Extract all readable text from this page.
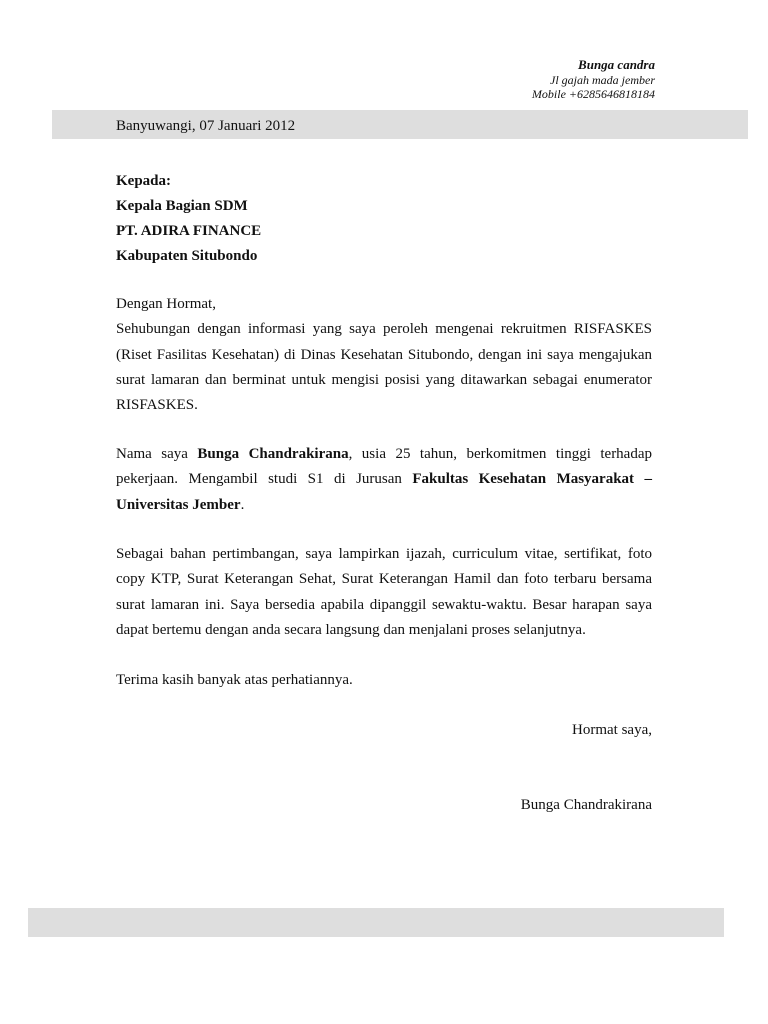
Bunga candra
Jl gajah mada jember
Mobile +6285646818184
Banyuwangi, 07 Januari 2012
Kepada:
Kepala Bagian SDM
PT. ADIRA FINANCE
Kabupaten Situbondo
Dengan Hormat,
Sehubungan dengan informasi yang saya peroleh mengenai rekruitmen RISFASKES (Riset Fasilitas Kesehatan) di Dinas Kesehatan Situbondo, dengan ini saya mengajukan surat lamaran dan berminat untuk mengisi posisi yang ditawarkan sebagai enumerator RISFASKES.

Nama saya Bunga Chandrakirana, usia 25 tahun, berkomitmen tinggi terhadap pekerjaan. Mengambil studi S1 di Jurusan Fakultas Kesehatan Masyarakat – Universitas Jember.

Sebagai bahan pertimbangan, saya lampirkan ijazah, curriculum vitae, sertifikat, foto copy KTP, Surat Keterangan Sehat, Surat Keterangan Hamil dan foto terbaru bersama surat lamaran ini. Saya bersedia apabila dipanggil sewaktu-waktu. Besar harapan saya dapat bertemu dengan anda secara langsung dan menjalani proses selanjutnya.

Terima kasih banyak atas perhatiannya.

Hormat saya,
Bunga Chandrakirana
